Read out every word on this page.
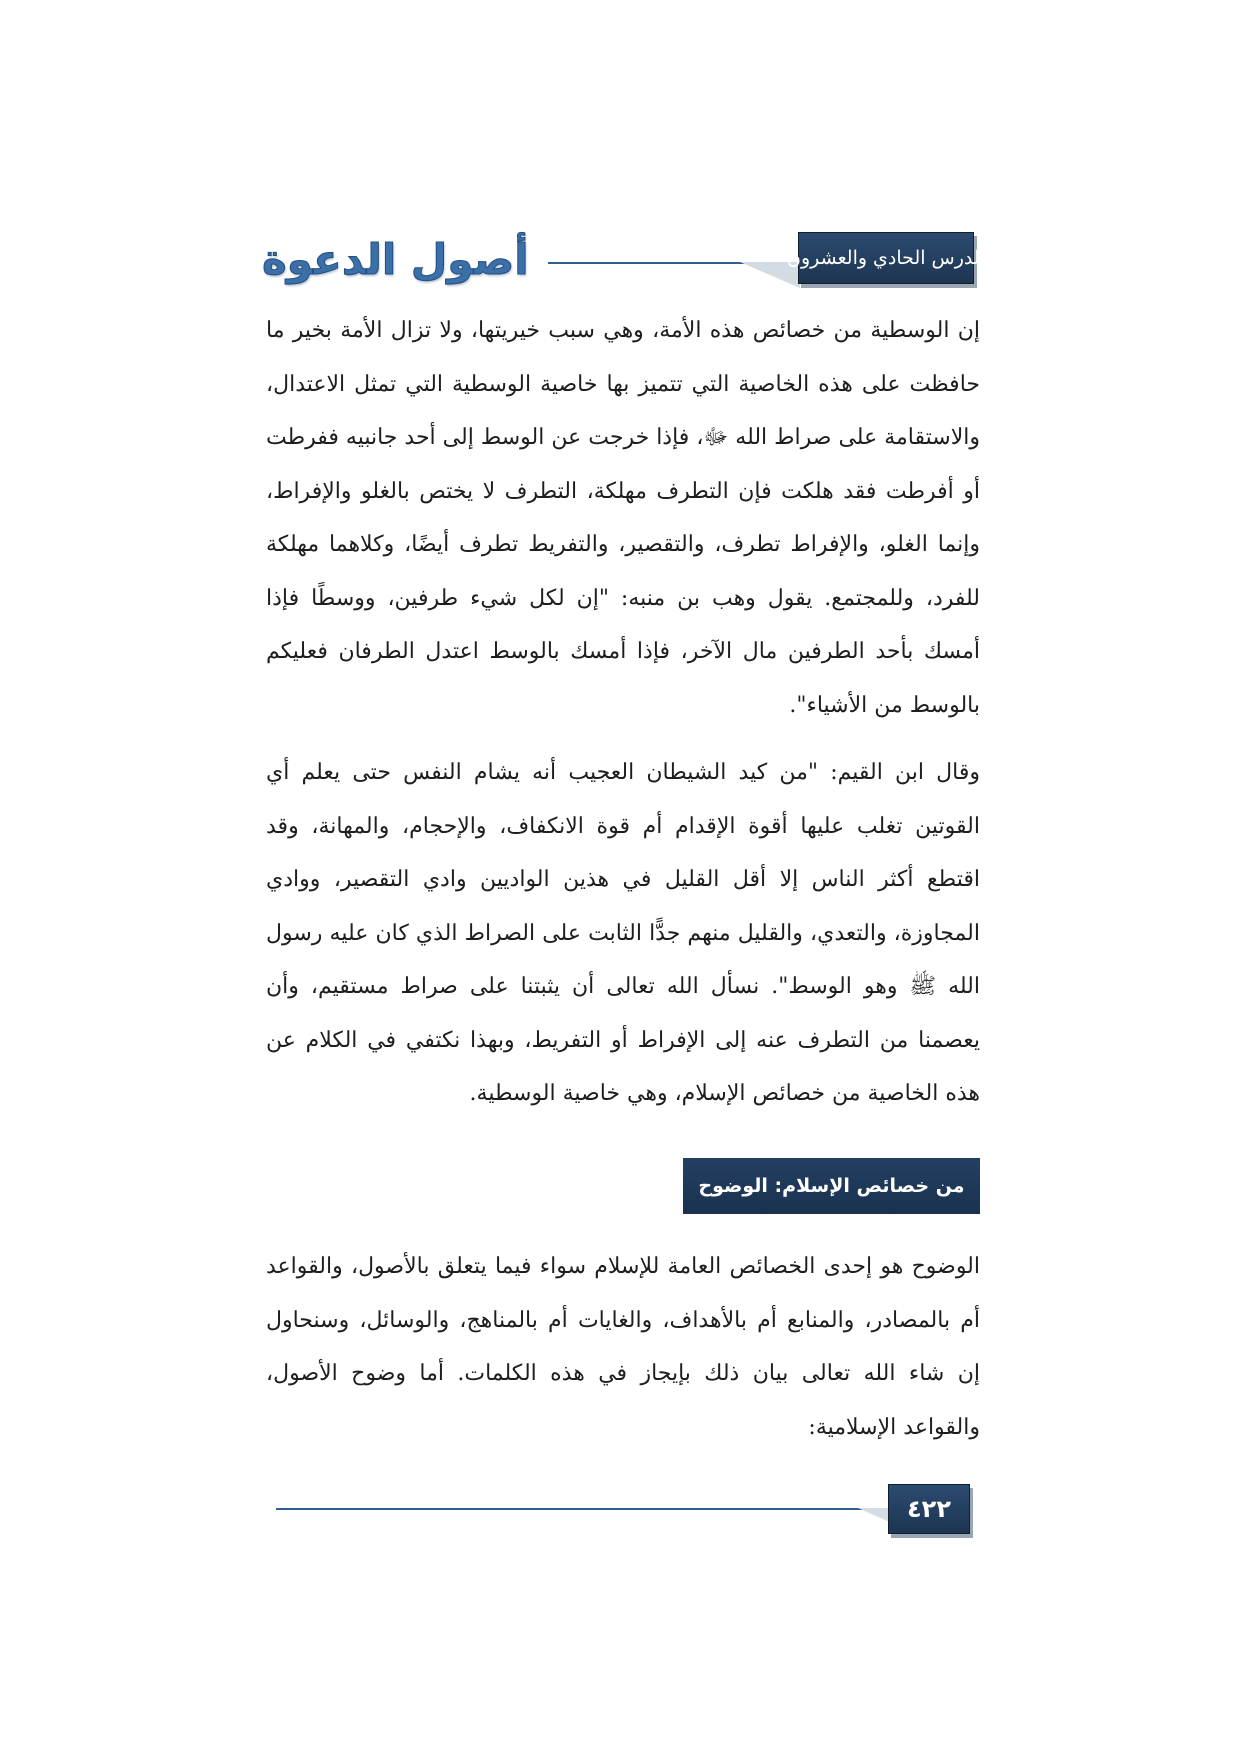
أصول الدعوة	الدرس الحادي والعشرون

إن الوسطية من خصائص هذه الأمة، وهي سبب خيريتها، ولا تزال الأمة بخير ما حافظت على هذه الخاصية التي تتميز بها خاصية الوسطية التي تمثل الاعتدال، والاستقامة على صراط الله ﷻ، فإذا خرجت عن الوسط إلى أحد جانبيه ففرطت أو أفرطت فقد هلكت فإن التطرف مهلكة، التطرف لا يختص بالغلو والإفراط، وإنما الغلو، والإفراط تطرف، والتقصير، والتفريط تطرف أيضًا، وكلاهما مهلكة للفرد، وللمجتمع. يقول وهب بن منبه: "إن لكل شيء طرفين، ووسطًا فإذا أمسك بأحد الطرفين مال الآخر، فإذا أمسك بالوسط اعتدل الطرفان فعليكم بالوسط من الأشياء".

وقال ابن القيم: "من كيد الشيطان العجيب أنه يشام النفس حتى يعلم أي القوتين تغلب عليها أقوة الإقدام أم قوة الانكفاف، والإحجام، والمهانة، وقد اقتطع أكثر الناس إلا أقل القليل في هذين الواديين وادي التقصير، ووادي المجاوزة، والتعدي، والقليل منهم جدًّا الثابت على الصراط الذي كان عليه رسول الله ﷺ وهو الوسط". نسأل الله تعالى أن يثبتنا على صراط مستقيم، وأن يعصمنا من التطرف عنه إلى الإفراط أو التفريط، وبهذا نكتفي في الكلام عن هذه الخاصية من خصائص الإسلام، وهي خاصية الوسطية.

من خصائص الإسلام: الوضوح

الوضوح هو إحدى الخصائص العامة للإسلام سواء فيما يتعلق بالأصول، والقواعد أم بالمصادر، والمنابع أم بالأهداف، والغايات أم بالمناهج، والوسائل، وسنحاول إن شاء الله تعالى بيان ذلك بإيجاز في هذه الكلمات. أما وضوح الأصول، والقواعد الإسلامية:

٤٢٢
